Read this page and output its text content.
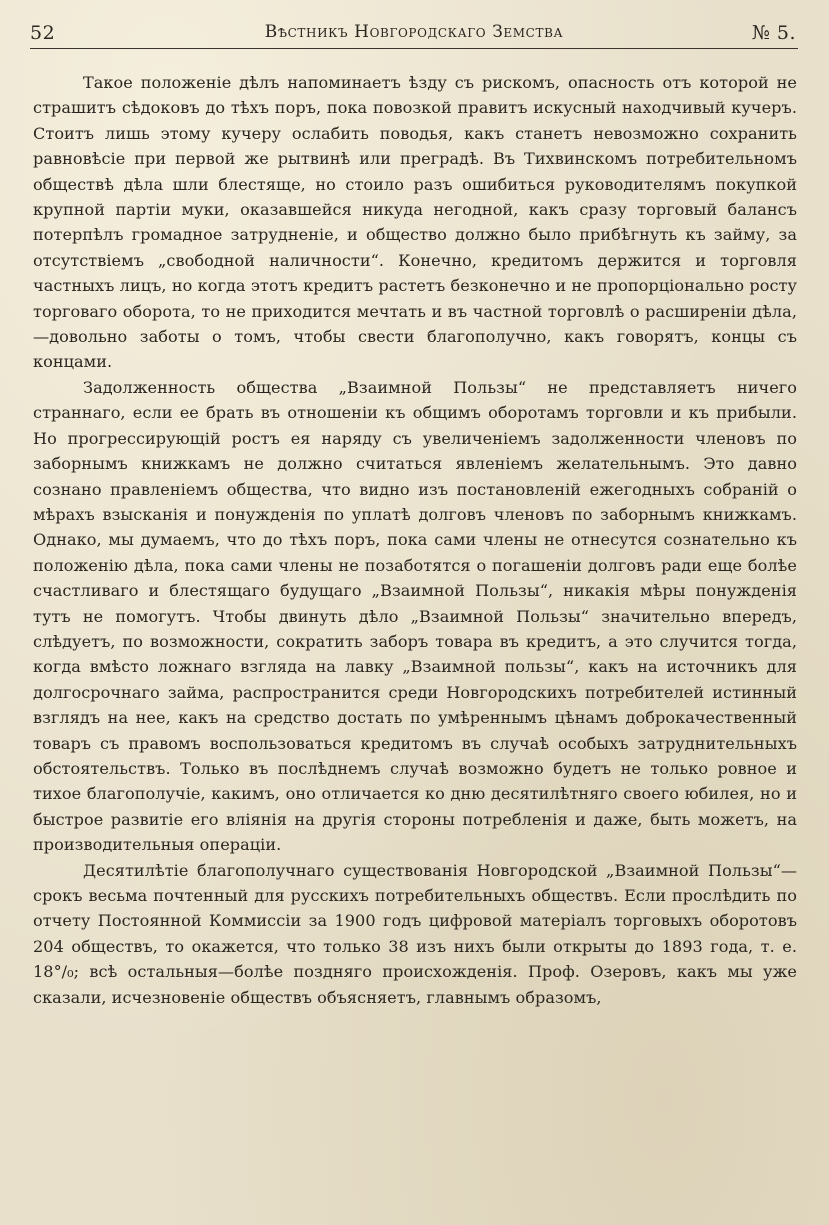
52	Вѣстникъ Новгородскаго Земства	№ 5.

Такое положеніе дѣлъ напоминаетъ ѣзду съ рискомъ, опасность отъ которой не страшитъ сѣдоковъ до тѣхъ поръ, пока повозкой правитъ искусный находчивый кучеръ. Стоитъ лишь этому кучеру ослабить поводья, какъ станетъ невозможно сохранить равновѣсіе при первой же рытвинѣ или преградѣ. Въ Тихвинскомъ потребительномъ обществѣ дѣла шли блестяще, но стоило разъ ошибиться руководителямъ покупкой крупной партіи муки, оказавшейся никуда негодной, какъ сразу торговый балансъ потерпѣлъ громадное затрудненіе, и общество должно было прибѣгнуть къ займу, за отсутствіемъ „свободной наличности“. Конечно, кредитомъ держится и торговля частныхъ лицъ, но когда этотъ кредитъ растетъ безконечно и не пропорціонально росту торговаго оборота, то не приходится мечтать и въ частной торговлѣ о расширеніи дѣла,—довольно заботы о томъ, чтобы свести благополучно, какъ говорятъ, концы съ концами.

Задолженность общества „Взаимной Пользы“ не представляетъ ничего страннаго, если ее брать въ отношеніи къ общимъ оборотамъ торговли и къ прибыли. Но прогрессирующій ростъ ея наряду съ увеличеніемъ задолженности членовъ по заборнымъ книжкамъ не должно считаться явленіемъ желательнымъ. Это давно сознано правленіемъ общества, что видно изъ постановленій ежегодныхъ собраній о мѣрахъ взысканія и понужденія по уплатѣ долговъ членовъ по заборнымъ книжкамъ. Однако, мы думаемъ, что до тѣхъ поръ, пока сами члены не отнесутся сознательно къ положенію дѣла, пока сами члены не позаботятся о погашеніи долговъ ради еще болѣе счастливаго и блестящаго будущаго „Взаимной Пользы“, никакія мѣры понужденія тутъ не помогутъ. Чтобы двинуть дѣло „Взаимной Пользы“ значительно впередъ, слѣдуетъ, по возможности, сократить заборъ товара въ кредитъ, а это случится тогда, когда вмѣсто ложнаго взгляда на лавку „Взаимной пользы“, какъ на источникъ для долгосрочнаго займа, распространится среди Новгородскихъ потребителей истинный взглядъ на нее, какъ на средство достать по умѣреннымъ цѣнамъ доброкачественный товаръ съ правомъ воспользоваться кредитомъ въ случаѣ особыхъ затруднительныхъ обстоятельствъ. Только въ послѣднемъ случаѣ возможно будетъ не только ровное и тихое благополучіе, какимъ, оно отличается ко дню десятилѣтняго своего юбилея, но и быстрое развитіе его вліянія на другія стороны потребленія и даже, быть можетъ, на производительныя операціи.

Десятилѣтіе благополучнаго существованія Новгородской „Взаимной Пользы“—срокъ весьма почтенный для русскихъ потребительныхъ обществъ. Если прослѣдить по отчету Постоянной Коммиссіи за 1900 годъ цифровой матеріалъ торговыхъ оборотовъ 204 обществъ, то окажется, что только 38 изъ нихъ были открыты до 1893 года, т. е. 18°/₀; всѣ остальныя—болѣе поздняго происхожденія. Проф. Озеровъ, какъ мы уже сказали, исчезновеніе обществъ объясняетъ, главнымъ образомъ,
